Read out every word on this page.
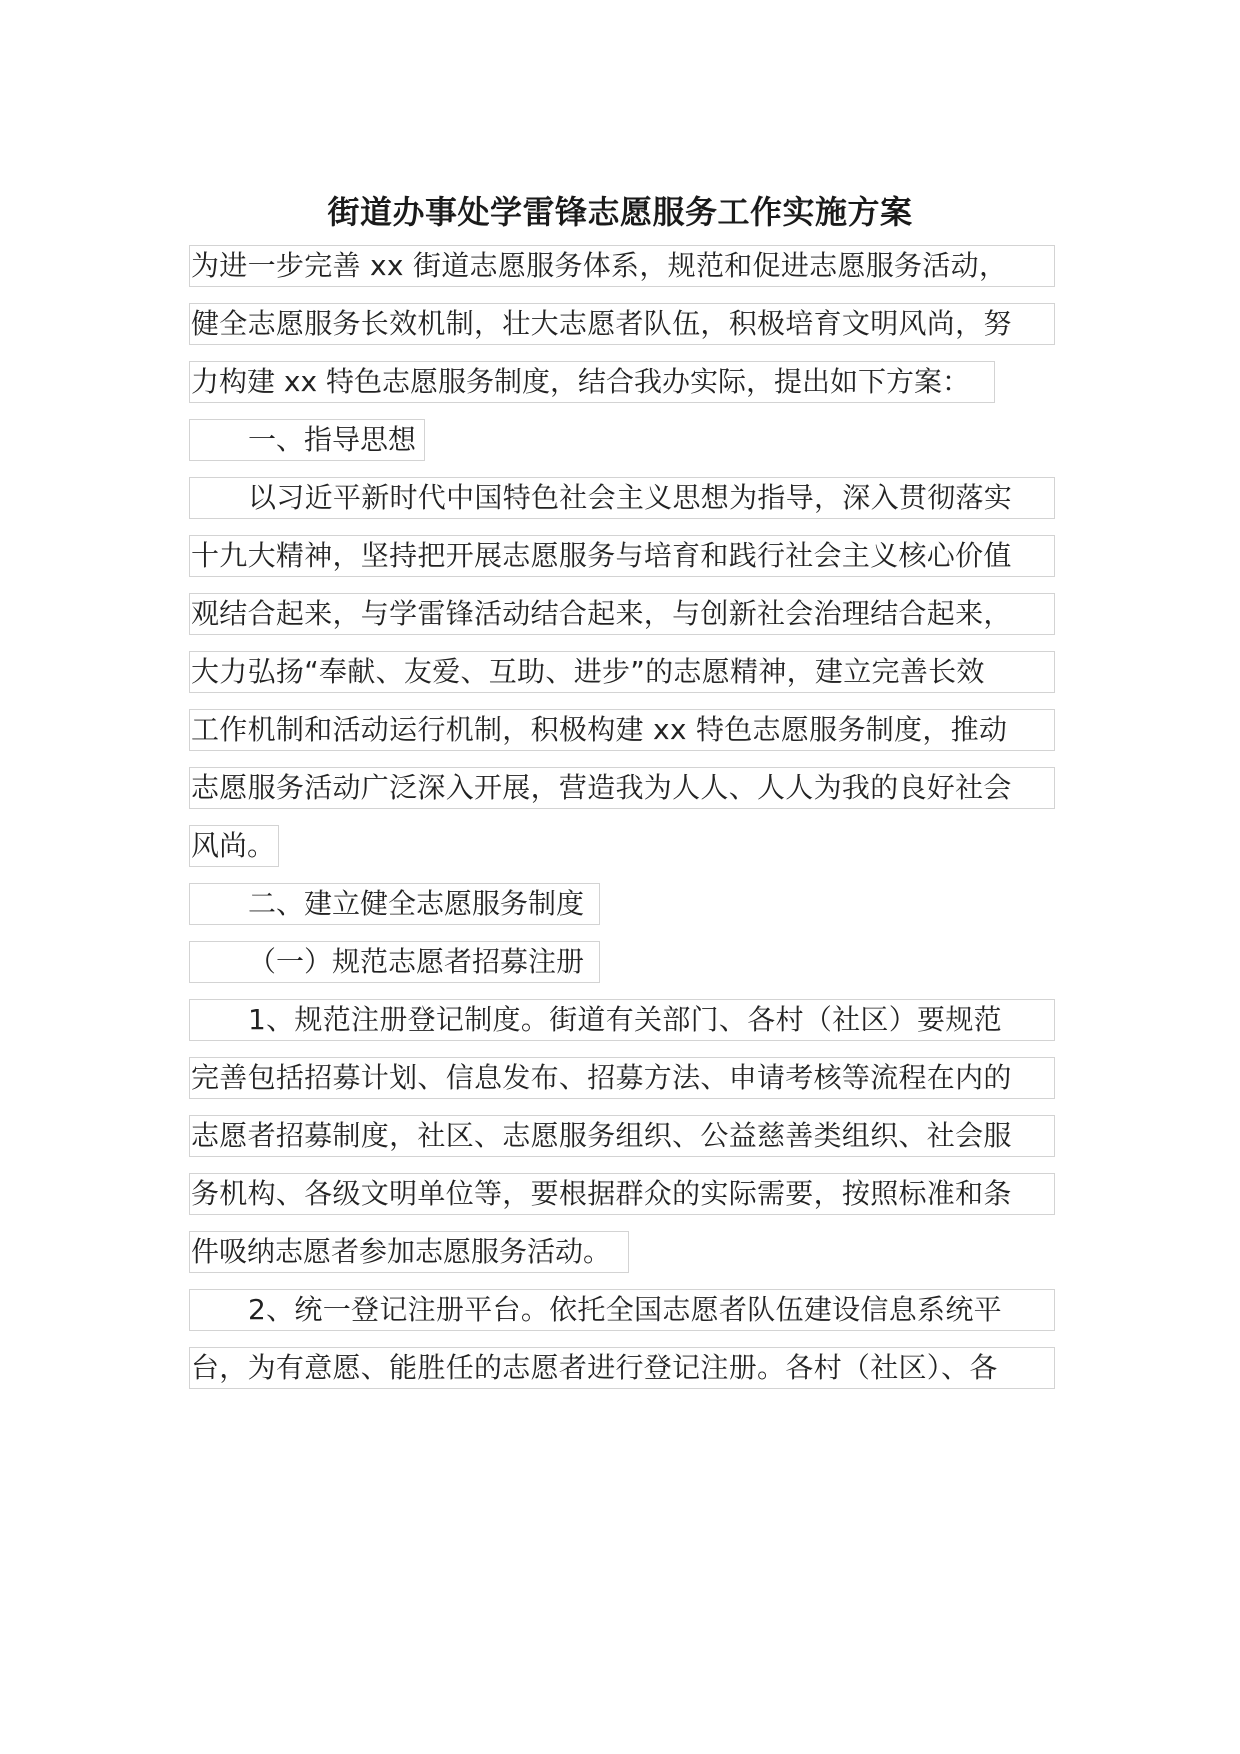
街道办事处学雷锋志愿服务工作实施方案
为进一步完善 xx 街道志愿服务体系，规范和促进志愿服务活动，
健全志愿服务长效机制，壮大志愿者队伍，积极培育文明风尚，努
力构建 xx 特色志愿服务制度，结合我办实际，提出如下方案：
一、指导思想
以习近平新时代中国特色社会主义思想为指导，深入贯彻落实
十九大精神，坚持把开展志愿服务与培育和践行社会主义核心价值
观结合起来，与学雷锋活动结合起来，与创新社会治理结合起来，
大力弘扬“奉献、友爱、互助、进步”的志愿精神，建立完善长效
工作机制和活动运行机制，积极构建 xx 特色志愿服务制度，推动
志愿服务活动广泛深入开展，营造我为人人、人人为我的良好社会
风尚。
二、建立健全志愿服务制度
（一）规范志愿者招募注册
1、规范注册登记制度。街道有关部门、各村（社区）要规范
完善包括招募计划、信息发布、招募方法、申请考核等流程在内的
志愿者招募制度，社区、志愿服务组织、公益慈善类组织、社会服
务机构、各级文明单位等，要根据群众的实际需要，按照标准和条
件吸纳志愿者参加志愿服务活动。
2、统一登记注册平台。依托全国志愿者队伍建设信息系统平
台，为有意愿、能胜任的志愿者进行登记注册。各村（社区）、各
